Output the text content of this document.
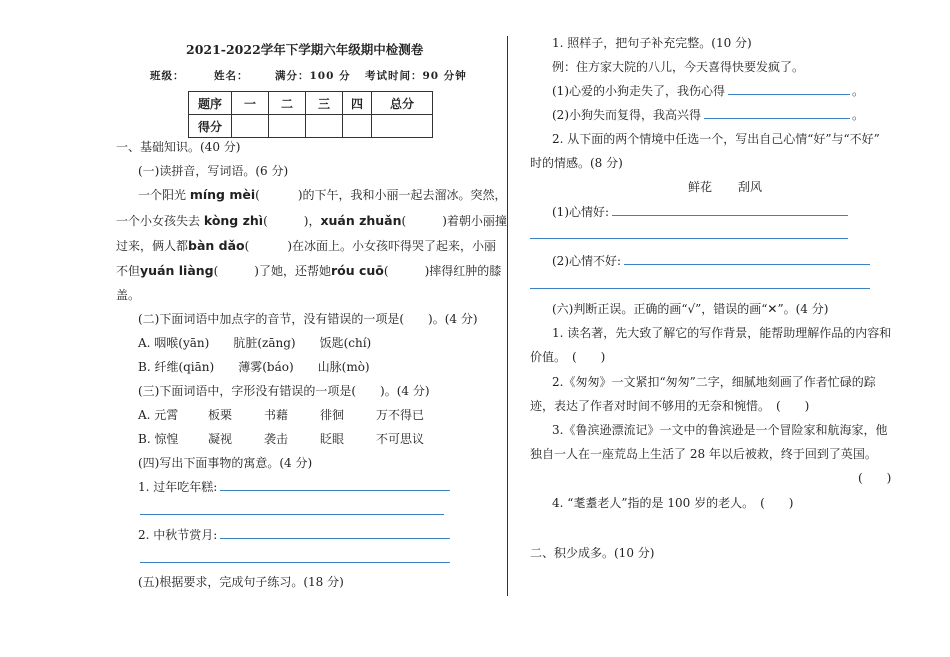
2021-2022学年下学期六年级期中检测卷
班级：	姓名：	满分：100 分 考试时间：90 分钟
题序	一	二	三	四	总分
得分					
一、基础知识。(40 分)
(一)读拼音，写词语。(6 分)
一个阳光 míng mèi(	)的下午，我和小丽一起去溜冰。突然，
一个小女孩失去 kòng zhì(	)，xuán zhuǎn(	)着朝小丽撞
过来，俩人都bàn dǎo(	)在冰面上。小女孩吓得哭了起来，小丽
不但yuán liàng(	)了她，还帮她róu cuō(	)摔得红肿的膝
盖。
(二)下面词语中加点字的音节，没有错误的一项是(　　)。(4 分)
A. 咽喉(yān)　　肮脏(zāng)　　饭匙(chí)
B. 纤维(qiān)　　薄雾(báo)　　山脉(mò)
(三)下面词语中，字形没有错误的一项是(　　)。(4 分)
A. 元霄 板栗	书藉	徘徊	万不得已
B. 惊惶 凝视	袭击	眨眼	不可思议
(四)写出下面事物的寓意。(4 分)
1. 过年吃年糕:
2. 中秋节赏月:
(五)根据要求，完成句子练习。(18 分)
1. 照样子，把句子补充完整。(10 分)
例：住方家大院的八儿，今天喜得快要发疯了。
(1)心爱的小狗走失了，我伤心得	。
(2)小狗失而复得，我高兴得	。
2. 从下面的两个情境中任选一个，写出自己心情“好”与“不好”
时的情感。(8 分)
鲜花 刮风
(1)心情好:
(2)心情不好:
(六)判断正误。正确的画“√”，错误的画“✕”。(4 分)
1. 读名著，先大致了解它的写作背景，能帮助理解作品的内容和
价值。　(　　)
2.《匆匆》一文紧扣“匆匆”二字，细腻地刻画了作者忙碌的踪
迹，表达了作者对时间不够用的无奈和惋惜。　(　　)
3.《鲁滨逊漂流记》一文中的鲁滨逊是一个冒险家和航海家，他
独自一人在一座荒岛上生活了 28 年以后被救，终于回到了英国。
(　　)
4. “耄耋老人”指的是 100 岁的老人。　(　　)
二、积少成多。(10 分)
